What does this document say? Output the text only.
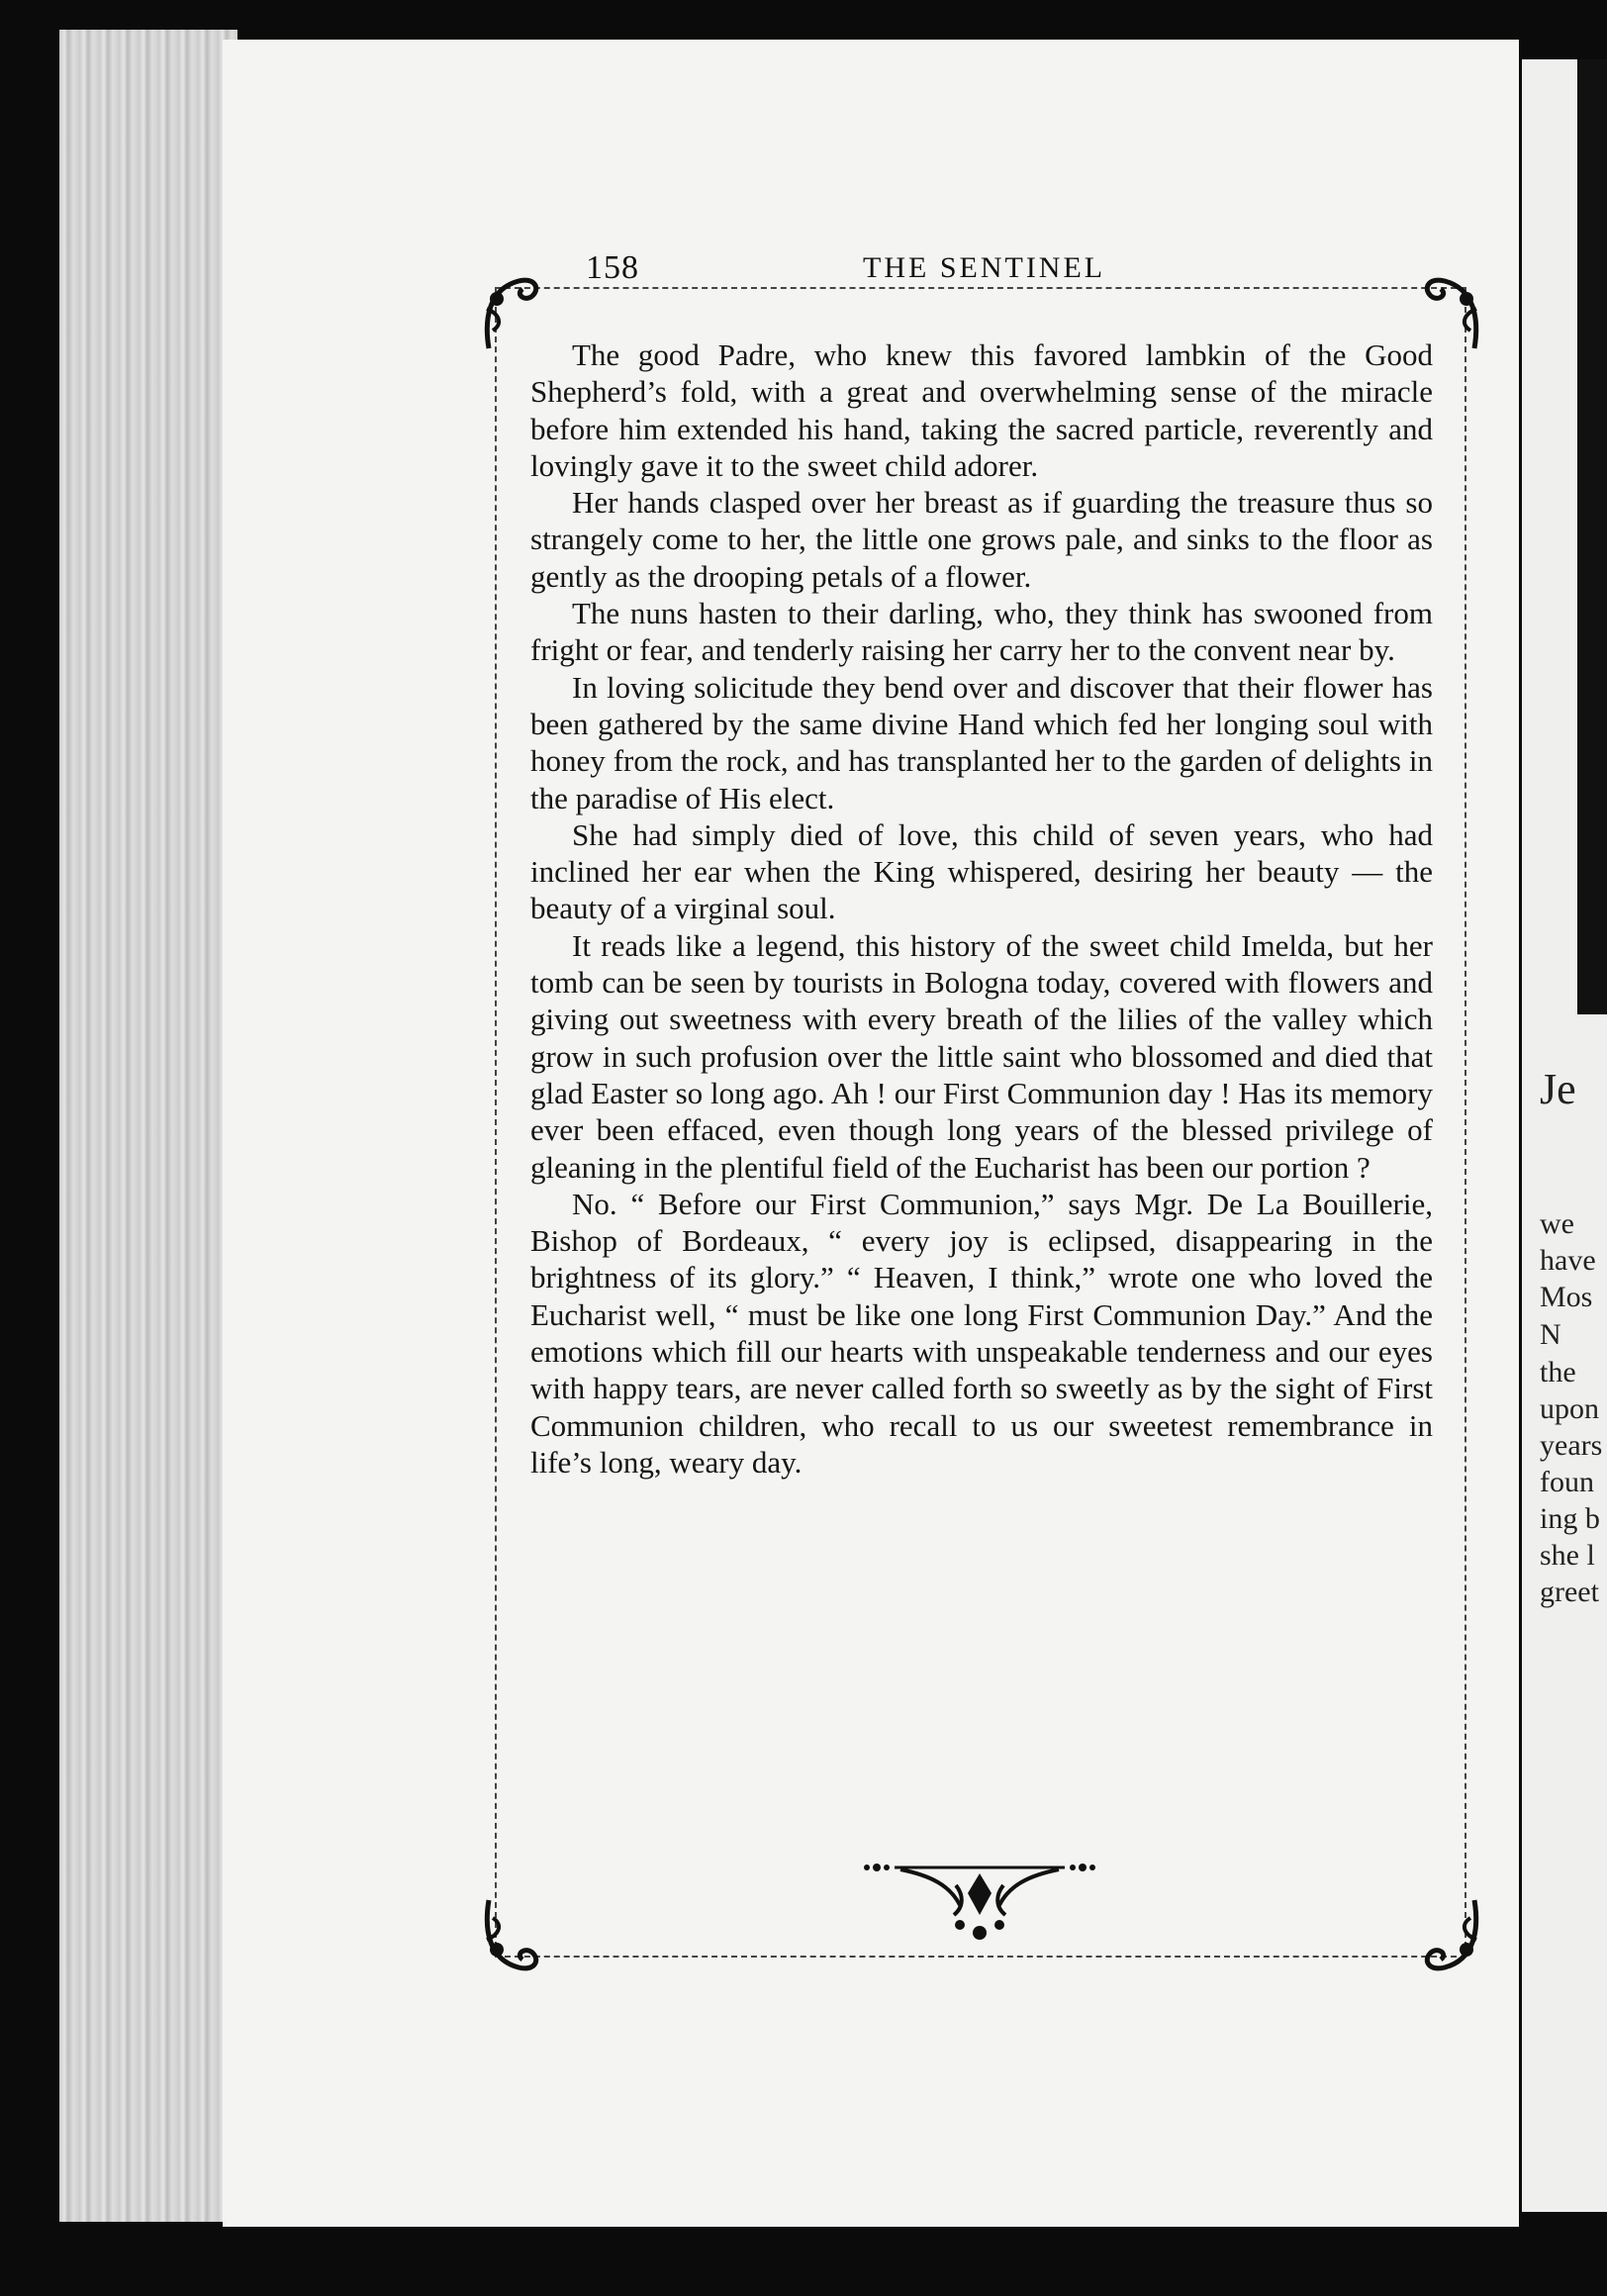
Je
we
have
Mos
N
the
upon
years
foun
ing b
she l
greet
158	THE SENTINEL

The good Padre, who knew this favored lambkin of the Good Shepherd’s fold, with a great and overwhelming sense of the miracle before him extended his hand, taking the sacred particle, reverently and lovingly gave it to the sweet child adorer.

Her hands clasped over her breast as if guarding the treasure thus so strangely come to her, the little one grows pale, and sinks to the floor as gently as the drooping petals of a flower.

The nuns hasten to their darling, who, they think has swooned from fright or fear, and tenderly raising her carry her to the convent near by.

In loving solicitude they bend over and discover that their flower has been gathered by the same divine Hand which fed her longing soul with honey from the rock, and has transplanted her to the garden of delights in the paradise of His elect.

She had simply died of love, this child of seven years, who had inclined her ear when the King whispered, desiring her beauty — the beauty of a virginal soul.

It reads like a legend, this history of the sweet child Imelda, but her tomb can be seen by tourists in Bologna today, covered with flowers and giving out sweetness with every breath of the lilies of the valley which grow in such profusion over the little saint who blossomed and died that glad Easter so long ago. Ah ! our First Communion day ! Has its memory ever been effaced, even though long years of the blessed privilege of gleaning in the plentiful field of the Eucharist has been our portion ?

No. “ Before our First Communion,” says Mgr. De La Bouillerie, Bishop of Bordeaux, “ every joy is eclipsed, disappearing in the brightness of its glory.” “ Heaven, I think,” wrote one who loved the Eucharist well, “ must be like one long First Communion Day.” And the emotions which fill our hearts with unspeakable tenderness and our eyes with happy tears, are never called forth so sweetly as by the sight of First Communion children, who recall to us our sweetest remembrance in life’s long, weary day.
